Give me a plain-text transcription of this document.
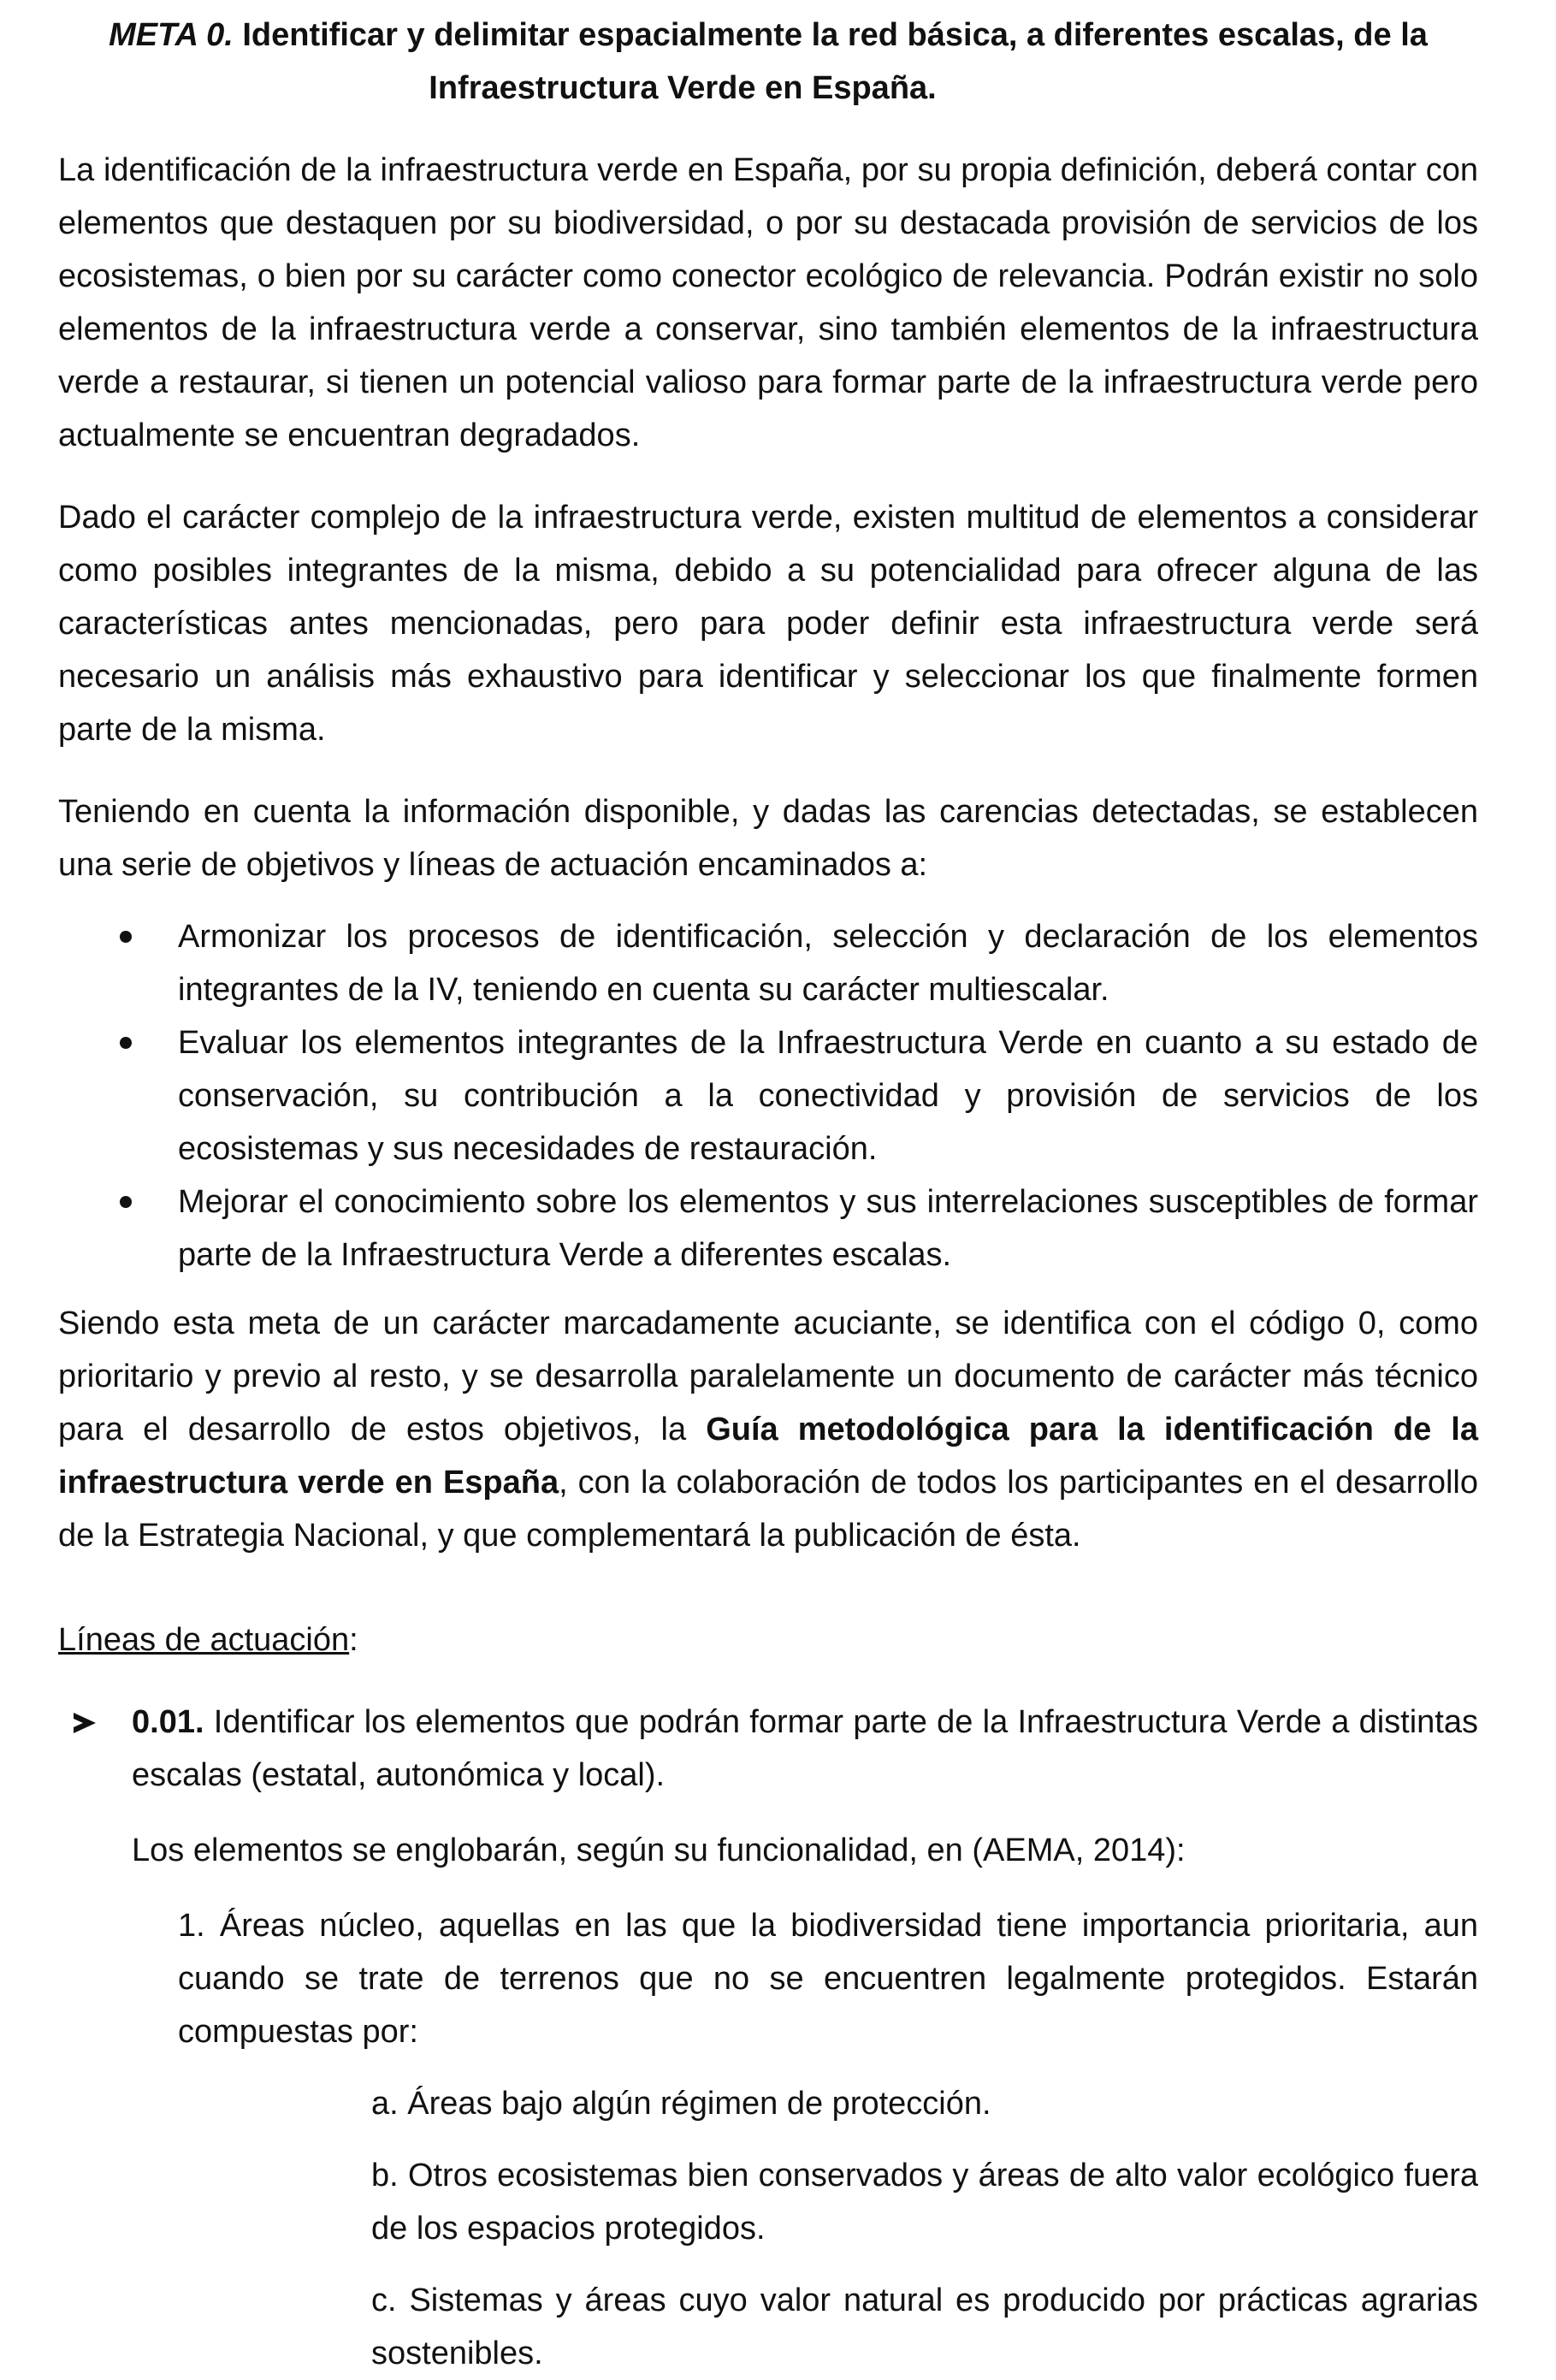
META 0. Identificar y delimitar espacialmente la red básica, a diferentes escalas, de la
Infraestructura Verde en España.

La identificación de la infraestructura verde en España, por su propia definición, deberá contar con elementos que destaquen por su biodiversidad, o por su destacada provisión de servicios de los ecosistemas, o bien por su carácter como conector ecológico de relevancia. Podrán existir no solo elementos de la infraestructura verde a conservar, sino también elementos de la infraestructura verde a restaurar, si tienen un potencial valioso para formar parte de la infraestructura verde pero actualmente se encuentran degradados.

Dado el carácter complejo de la infraestructura verde, existen multitud de elementos a considerar como posibles integrantes de la misma, debido a su potencialidad para ofrecer alguna de las características antes mencionadas, pero para poder definir esta infraestructura verde será necesario un análisis más exhaustivo para identificar y seleccionar los que finalmente formen parte de la misma.

Teniendo en cuenta la información disponible, y dadas las carencias detectadas, se establecen una serie de objetivos y líneas de actuación encaminados a:

Armonizar los procesos de identificación, selección y declaración de los elementos integrantes de la IV, teniendo en cuenta su carácter multiescalar.
Evaluar los elementos integrantes de la Infraestructura Verde en cuanto a su estado de conservación, su contribución a la conectividad y provisión de servicios de los ecosistemas y sus necesidades de restauración.
Mejorar el conocimiento sobre los elementos y sus interrelaciones susceptibles de formar parte de la Infraestructura Verde a diferentes escalas.

Siendo esta meta de un carácter marcadamente acuciante, se identifica con el código 0, como prioritario y previo al resto, y se desarrolla paralelamente un documento de carácter más técnico para el desarrollo de estos objetivos, la Guía metodológica para la identificación de la infraestructura verde en España, con la colaboración de todos los participantes en el desarrollo de la Estrategia Nacional, y que complementará la publicación de ésta.

Líneas de actuación:
0.01. Identificar los elementos que podrán formar parte de la Infraestructura Verde a distintas escalas (estatal, autonómica y local).
Los elementos se englobarán, según su funcionalidad, en (AEMA, 2014):
1. Áreas núcleo, aquellas en las que la biodiversidad tiene importancia prioritaria, aun cuando se trate de terrenos que no se encuentren legalmente protegidos. Estarán compuestas por:
a. Áreas bajo algún régimen de protección.
b. Otros ecosistemas bien conservados y áreas de alto valor ecológico fuera de los espacios protegidos.
c. Sistemas y áreas cuyo valor natural es producido por prácticas agrarias sostenibles.
